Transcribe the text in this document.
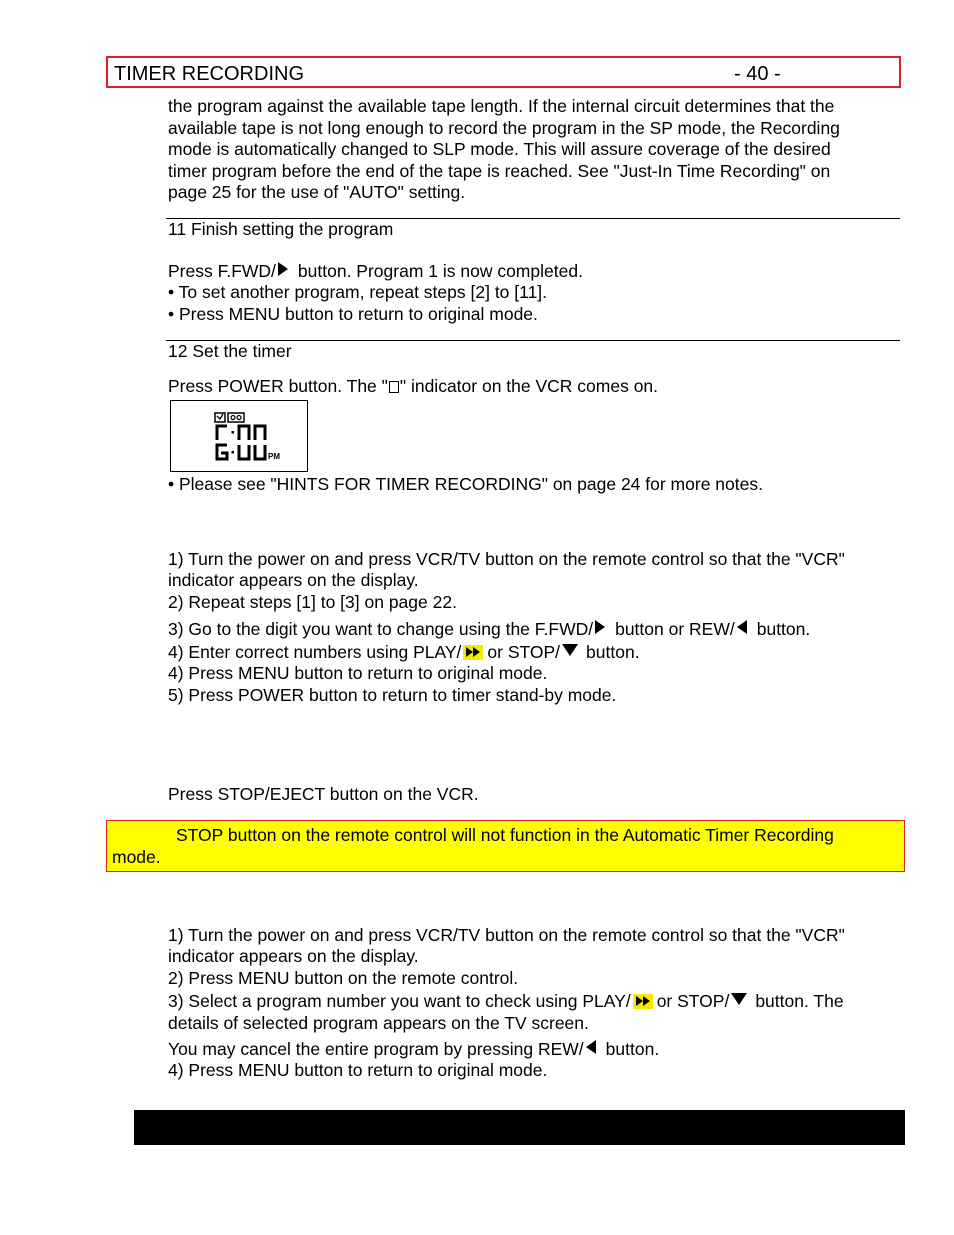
TIMER RECORDING	- 40 -
the program against the available tape length. If the internal circuit determines that the
available tape is not long enough to record the program in the SP mode, the Recording
mode is automatically changed to SLP mode. This will assure coverage of the desired
timer program before the end of the tape is reached. See "Just-In Time Recording" on
page 25 for the use of "AUTO" setting.
11 Finish setting the program
Press F.FWD/ button. Program 1 is now completed.
• To set another program, repeat steps [2] to [11].
• Press MENU button to return to original mode.
12 Set the timer
Press POWER button. The " " indicator on the VCR comes on.
PM
• Please see "HINTS FOR TIMER RECORDING" on page 24 for more notes.
1) Turn the power on and press VCR/TV button on the remote control so that the "VCR"
indicator appears on the display.
2) Repeat steps [1] to [3] on page 22.
3) Go to the digit you want to change using the F.FWD/ button or REW/ button.
4) Enter correct numbers using PLAY/ or STOP/ button.
4) Press MENU button to return to original mode.
5) Press POWER button to return to timer stand-by mode.
Press STOP/EJECT button on the VCR.
STOP button on the remote control will not function in the Automatic Timer Recording
mode.
1) Turn the power on and press VCR/TV button on the remote control so that the "VCR"
indicator appears on the display.
2) Press MENU button on the remote control.
3) Select a program number you want to check using PLAY/ or STOP/ button. The
details of selected program appears on the TV screen.
You may cancel the entire program by pressing REW/ button.
4) Press MENU button to return to original mode.
